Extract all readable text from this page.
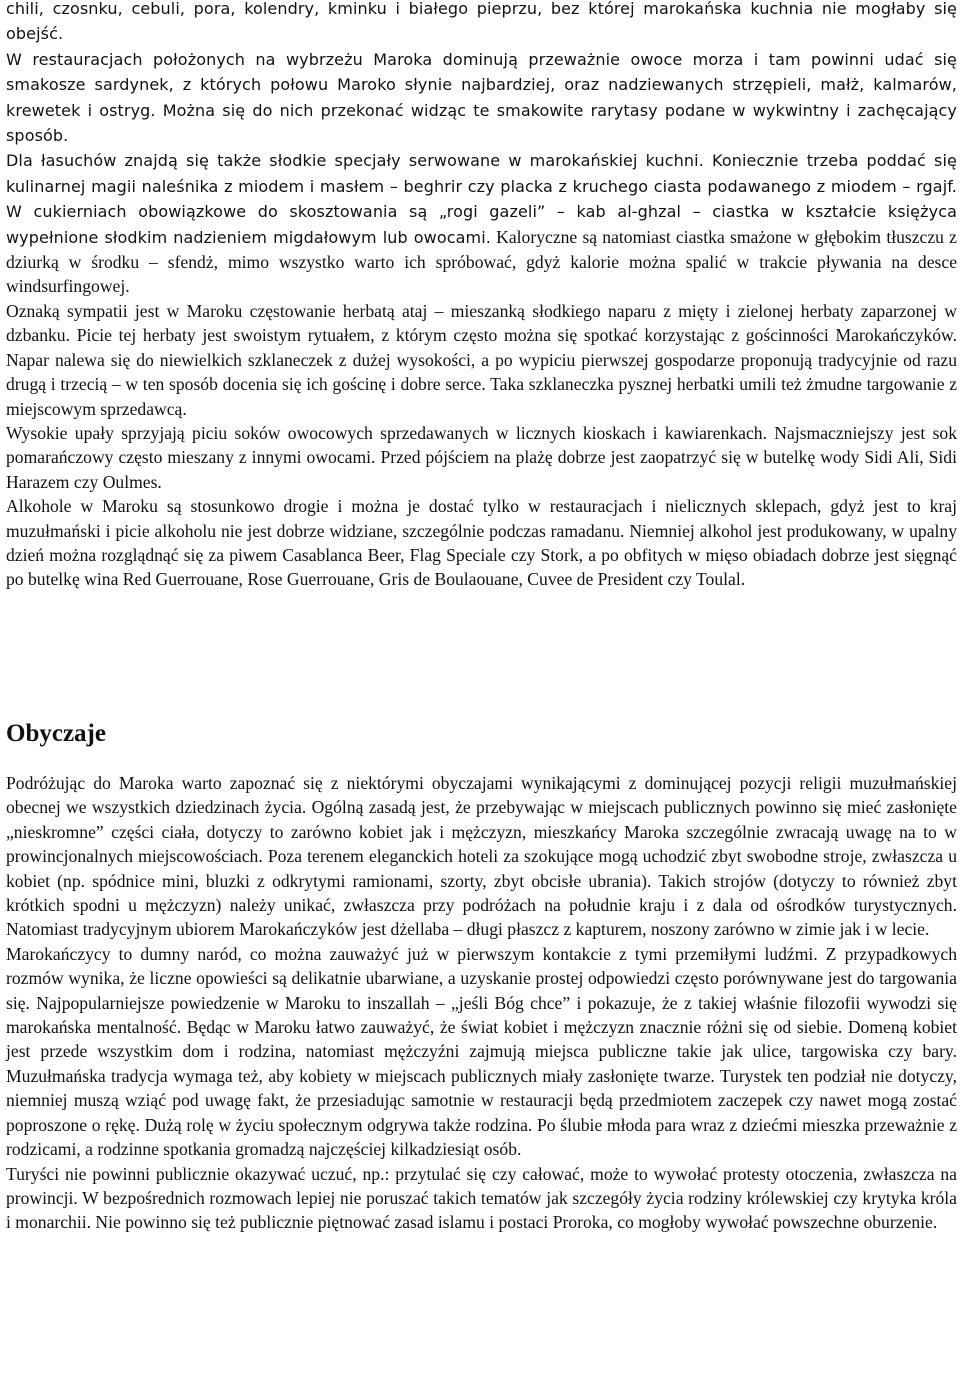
chili, czosnku, cebuli, pora, kolendry, kminku i białego pieprzu, bez której marokańska kuchnia nie mogłaby się obejść.

W restauracjach położonych na wybrzeżu Maroka dominują przeważnie owoce morza i tam powinni udać się smakosze sardynek, z których połowu Maroko słynie najbardziej, oraz nadziewanych strzępieli, małż, kalmarów, krewetek i ostryg. Można się do nich przekonać widząc te smakowite rarytasy podane w wykwintny i zachęcający sposób.

Dla łasuchów znajdą się także słodkie specjały serwowane w marokańskiej kuchni. Koniecznie trzeba poddać się kulinarnej magii naleśnika z miodem i masłem – beghrir czy placka z kruchego ciasta podawanego z miodem – rgajf. W cukierniach obowiązkowe do skosztowania są „rogi gazeli” – kab al-ghzal – ciastka w kształcie księżyca wypełnione słodkim nadzieniem migdałowym lub owocami. Kaloryczne są natomiast ciastka smażone w głębokim tłuszczu z dziurką w środku – sfendż, mimo wszystko warto ich spróbować, gdyż kalorie można spalić w trakcie pływania na desce windsurfingowej.

Oznaką sympatii jest w Maroku częstowanie herbatą ataj – mieszanką słodkiego naparu z mięty i zielonej herbaty zaparzonej w dzbanku. Picie tej herbaty jest swoistym rytuałem, z którym często można się spotkać korzystając z gościnności Marokańczyków. Napar nalewa się do niewielkich szklaneczek z dużej wysokości, a po wypiciu pierwszej gospodarze proponują tradycyjnie od razu drugą i trzecią – w ten sposób docenia się ich gościnę i dobre serce. Taka szklaneczka pysznej herbatki umili też żmudne targowanie z miejscowym sprzedawcą.

Wysokie upały sprzyjają piciu soków owocowych sprzedawanych w licznych kioskach i kawiarenkach. Najsmaczniejszy jest sok pomarańczowy często mieszany z innymi owocami. Przed pójściem na plażę dobrze jest zaopatrzyć się w butelkę wody Sidi Ali, Sidi Harazem czy Oulmes.

Alkohole w Maroku są stosunkowo drogie i można je dostać tylko w restauracjach i nielicznych sklepach, gdyż jest to kraj muzułmański i picie alkoholu nie jest dobrze widziane, szczególnie podczas ramadanu. Niemniej alkohol jest produkowany, w upalny dzień można rozglądnąć się za piwem Casablanca Beer, Flag Speciale czy Stork, a po obfitych w mięso obiadach dobrze jest sięgnąć po butelkę wina Red Guerrouane, Rose Guerrouane, Gris de Boulaouane, Cuvee de President czy Toulal.

Obyczaje

Podróżując do Maroka warto zapoznać się z niektórymi obyczajami wynikającymi z dominującej pozycji religii muzułmańskiej obecnej we wszystkich dziedzinach życia. Ogólną zasadą jest, że przebywając w miejscach publicznych powinno się mieć zasłonięte „nieskromne” części ciała, dotyczy to zarówno kobiet jak i mężczyzn, mieszkańcy Maroka szczególnie zwracają uwagę na to w prowincjonalnych miejscowościach. Poza terenem eleganckich hoteli za szokujące mogą uchodzić zbyt swobodne stroje, zwłaszcza u kobiet (np. spódnice mini, bluzki z odkrytymi ramionami, szorty, zbyt obcisłe ubrania). Takich strojów (dotyczy to również zbyt krótkich spodni u mężczyzn) należy unikać, zwłaszcza przy podróżach na południe kraju i z dala od ośrodków turystycznych. Natomiast tradycyjnym ubiorem Marokańczyków jest dżellaba – długi płaszcz z kapturem, noszony zarówno w zimie jak i w lecie.

Marokańczycy to dumny naród, co można zauważyć już w pierwszym kontakcie z tymi przemiłymi ludźmi. Z przypadkowych rozmów wynika, że liczne opowieści są delikatnie ubarwiane, a uzyskanie prostej odpowiedzi często porównywane jest do targowania się. Najpopularniejsze powiedzenie w Maroku to inszallah – „jeśli Bóg chce” i pokazuje, że z takiej właśnie filozofii wywodzi się marokańska mentalność. Będąc w Maroku łatwo zauważyć, że świat kobiet i mężczyzn znacznie różni się od siebie. Domeną kobiet jest przede wszystkim dom i rodzina, natomiast mężczyźni zajmują miejsca publiczne takie jak ulice, targowiska czy bary. Muzułmańska tradycja wymaga też, aby kobiety w miejscach publicznych miały zasłonięte twarze. Turystek ten podział nie dotyczy, niemniej muszą wziąć pod uwagę fakt, że przesiadując samotnie w restauracji będą przedmiotem zaczepek czy nawet mogą zostać poproszone o rękę. Dużą rolę w życiu społecznym odgrywa także rodzina. Po ślubie młoda para wraz z dziećmi mieszka przeważnie z rodzicami, a rodzinne spotkania gromadzą najczęściej kilkadziesiąt osób.

Turyści nie powinni publicznie okazywać uczuć, np.: przytulać się czy całować, może to wywołać protesty otoczenia, zwłaszcza na prowincji. W bezpośrednich rozmowach lepiej nie poruszać takich tematów jak szczegóły życia rodziny królewskiej czy krytyka króla i monarchii. Nie powinno się też publicznie piętnować zasad islamu i postaci Proroka, co mogłoby wywołać powszechne oburzenie.
